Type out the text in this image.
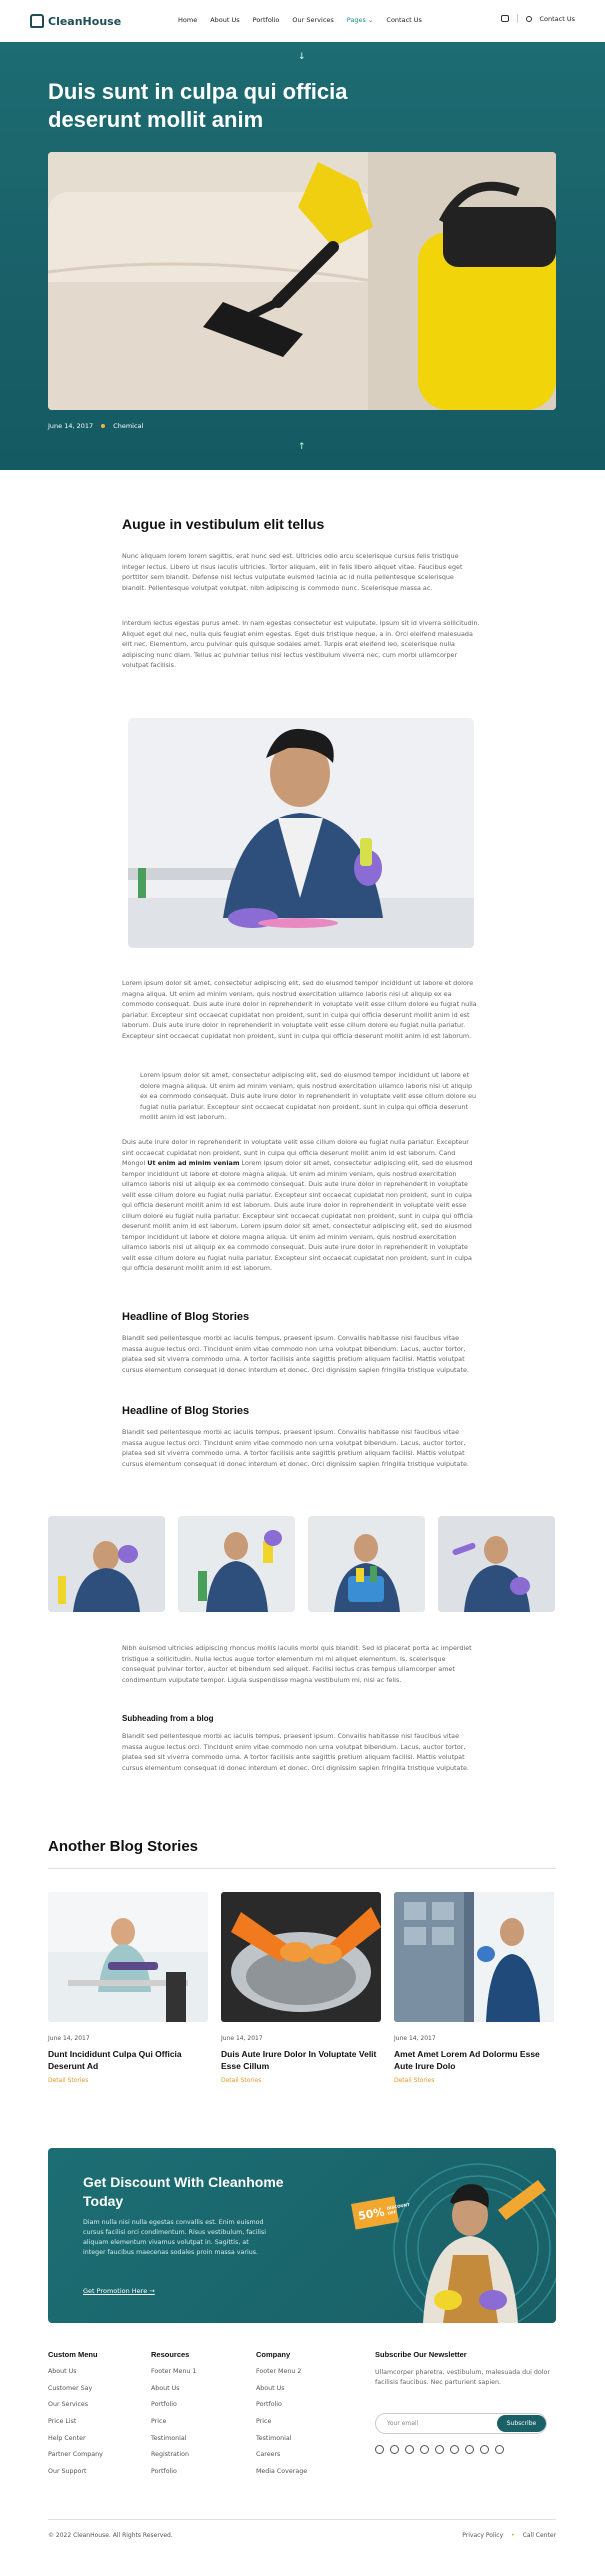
CleanHouse	Home About Us Portfolio Our Services Pages ⌄ Contact Us	Contact Us
↓
Duis sunt in culpa qui officia deserunt mollit anim
June 14, 2017	Chemical
↑
Augue in vestibulum elit tellus
Nunc aliquam lorem lorem sagittis, erat nunc sed est. Ultricies odio arcu scelerisque cursus felis tristique integer lectus. Libero ut risus iaculis ultricies. Tortor aliquam, elit in felis libero aliquet vitae. Faucibus eget porttitor sem blandit. Defense nisl lectus vulputate euismod lacinia ac id nulla pellentesque scelerisque blandit. Pellentesque volutpat volutpat, nibh adipiscing is commodo nunc. Scelerisque massa ac.
Interdum lectus egestas purus amet. In nam egestas consectetur est vulputate. Ipsum sit id viverra sollicitudin. Aliquet eget dui nec, nulla quis feugiat enim egestas. Eget duis tristique neque, a in. Orci eleifend malesuada elit nec. Elementum, arcu pulvinar quis quisque sodales amet. Turpis erat eleifend leo, scelerisque nulla adipiscing nunc diam. Tellus ac pulvinar tellus nisi lectus vestibulum viverra nec, cum morbi ullamcorper volutpat facilisis.
Lorem ipsum dolor sit amet, consectetur adipiscing elit, sed do eiusmod tempor incididunt ut labore et dolore magna aliqua. Ut enim ad minim veniam, quis nostrud exercitation ullamco laboris nisi ut aliquip ex ea commodo consequat. Duis aute irure dolor in reprehenderit in voluptate velit esse cillum dolore eu fugiat nulla pariatur. Excepteur sint occaecat cupidatat non proident, sunt in culpa qui officia deserunt mollit anim id est laborum. Duis aute irure dolor in reprehenderit in voluptate velit esse cillum dolore eu fugiat nulla pariatur. Excepteur sint occaecat cupidatat non proident, sunt in culpa qui officia deserunt mollit anim id est laborum.
Lorem ipsum dolor sit amet, consectetur adipiscing elit, sed do eiusmod tempor incididunt ut labore et dolore magna aliqua. Ut enim ad minim veniam, quis nostrud exercitation ullamco laboris nisi ut aliquip ex ea commodo consequat. Duis aute irure dolor in reprehenderit in voluptate velit esse cillum dolore eu fugiat nulla pariatur. Excepteur sint occaecat cupidatat non proident, sunt in culpa qui officia deserunt mollit anim id est laborum.
Duis aute irure dolor in reprehenderit in voluptate velit esse cillum dolore eu fugiat nulla pariatur. Excepteur sint occaecat cupidatat non proident, sunt in culpa qui officia deserunt mollit anim id est laborum. Cand Mongol Ut enim ad minim veniam Lorem ipsum dolor sit amet, consectetur adipiscing elit, sed do eiusmod tempor incididunt ut labore et dolore magna aliqua. Ut enim ad minim veniam, quis nostrud exercitation ullamco laboris nisi ut aliquip ex ea commodo consequat. Duis aute irure dolor in reprehenderit in voluptate velit esse cillum dolore eu fugiat nulla pariatur. Excepteur sint occaecat cupidatat non proident, sunt in culpa qui officia deserunt mollit anim id est laborum. Duis aute irure dolor in reprehenderit in voluptate velit esse cillum dolore eu fugiat nulla pariatur. Excepteur sint occaecat cupidatat non proident, sunt in culpa qui officia deserunt mollit anim id est laborum. Lorem ipsum dolor sit amet, consectetur adipiscing elit, sed do eiusmod tempor incididunt ut labore et dolore magna aliqua. Ut enim ad minim veniam, quis nostrud exercitation ullamco laboris nisi ut aliquip ex ea commodo consequat. Duis aute irure dolor in reprehenderit in voluptate velit esse cillum dolore eu fugiat nulla pariatur. Excepteur sint occaecat cupidatat non proident, sunt in culpa qui officia deserunt mollit anim id est laborum.
Headline of Blog Stories
Blandit sed pellentesque morbi ac iaculis tempus, praesent ipsum. Convallis habitasse nisi faucibus vitae massa augue lectus orci. Tincidunt enim vitae commodo non urna volutpat bibendum. Lacus, auctor tortor, platea sed sit viverra commodo urna. A tortor facilisis ante sagittis pretium aliquam facilisi. Mattis volutpat cursus elementum consequat id donec interdum et donec. Orci dignissim sapien fringilla tristique vulputate.
Headline of Blog Stories
Blandit sed pellentesque morbi ac iaculis tempus, praesent ipsum. Convallis habitasse nisi faucibus vitae massa augue lectus orci. Tincidunt enim vitae commodo non urna volutpat bibendum. Lacus, auctor tortor, platea sed sit viverra commodo urna. A tortor facilisis ante sagittis pretium aliquam facilisi. Mattis volutpat cursus elementum consequat id donec interdum et donec. Orci dignissim sapien fringilla tristique vulputate.
Nibh euismod ultricies adipiscing rhoncus mollis iaculis morbi quis blandit. Sed id placerat porta ac imperdiet tristique a sollicitudin. Nulla lectus augue tortor elementum mi mi aliquet elementum. Is, scelerisque consequat pulvinar tortor, auctor et bibendum sed aliquet. Facilisi lectus cras tempus ullamcorper amet condimentum vulputate tempor. Ligula suspendisse magna vestibulum mi, nisl ac felis.
Subheading from a blog
Blandit sed pellentesque morbi ac iaculis tempus, praesent ipsum. Convallis habitasse nisi faucibus vitae massa augue lectus orci. Tincidunt enim vitae commodo non urna volutpat bibendum. Lacus, auctor tortor, platea sed sit viverra commodo urna. A tortor facilisis ante sagittis pretium aliquam facilisi. Mattis volutpat cursus elementum consequat id donec interdum et donec. Orci dignissim sapien fringilla tristique vulputate.
Another Blog Stories
June 14, 2017
Dunt Incididunt Culpa Qui Officia Deserunt Ad
Detail Stories
June 14, 2017
Duis Aute Irure Dolor In Voluptate Velit Esse Cillum
Detail Stories
June 14, 2017
Amet Amet Lorem Ad Dolormu Esse Aute Irure Dolo
Detail Stories
Get Discount With Cleanhome Today
Diam nulla nisi nulla egestas convallis est. Enim euismod cursus facilisi orci condimentum. Risus vestibulum, facilisi aliquam elementum vivamus volutpat in. Sagittis, at integer faucibus maecenas sodales proin massa varius.
Get Promotion Here →
50% DISCOUNT OFF
Custom Menu
About Us
Customer Say
Our Services
Price List
Help Center
Partner Company
Our Support
Resources
Footer Menu 1
About Us
Portfolio
Price
Testimonial
Registration
Portfolio
Company
Footer Menu 2
About Us
Portfolio
Price
Testimonial
Careers
Media Coverage
Subscribe Our Newsletter
Ullamcorper pharetra, vestibulum, malesuada dui dolor facilisis faucibus. Nec parturient sapien.
Your email	Subscribe
© 2022 CleanHouse. All Rights Reserved.	Privacy Policy • Call Center
